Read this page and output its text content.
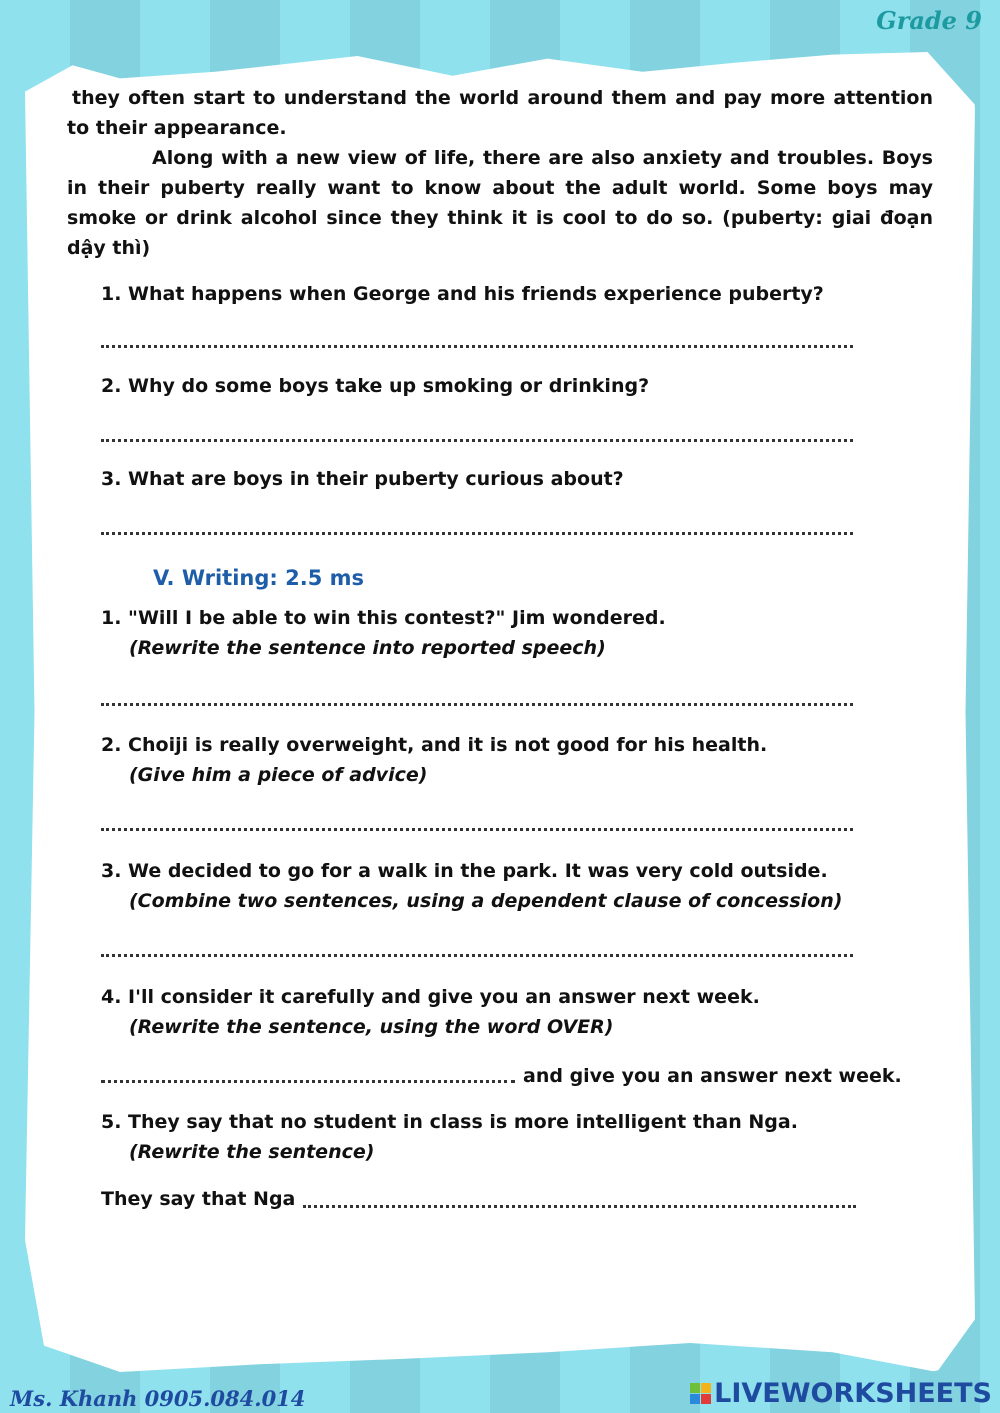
Grade 9
they often start to understand the world around them and pay more attention to their appearance.
Along with a new view of life, there are also anxiety and troubles. Boys in their puberty really want to know about the adult world. Some boys may smoke or drink alcohol since they think it is cool to do so. (puberty: giai đoạn dậy thì)
1. What happens when George and his friends experience puberty?
2. Why do some boys take up smoking or drinking?
3. What are boys in their puberty curious about?
V. Writing: 2.5 ms
1. "Will I be able to win this contest?" Jim wondered.
(Rewrite the sentence into reported speech)
2. Choiji is really overweight, and it is not good for his health.
(Give him a piece of advice)
3. We decided to go for a walk in the park. It was very cold outside.
(Combine two sentences, using a dependent clause of concession)
4. I'll consider it carefully and give you an answer next week.
(Rewrite the sentence, using the word OVER)
and give you an answer next week.
5. They say that no student in class is more intelligent than Nga.
(Rewrite the sentence)
They say that Nga
Ms. Khanh 0905.084.014	LIVEWORKSHEETS
